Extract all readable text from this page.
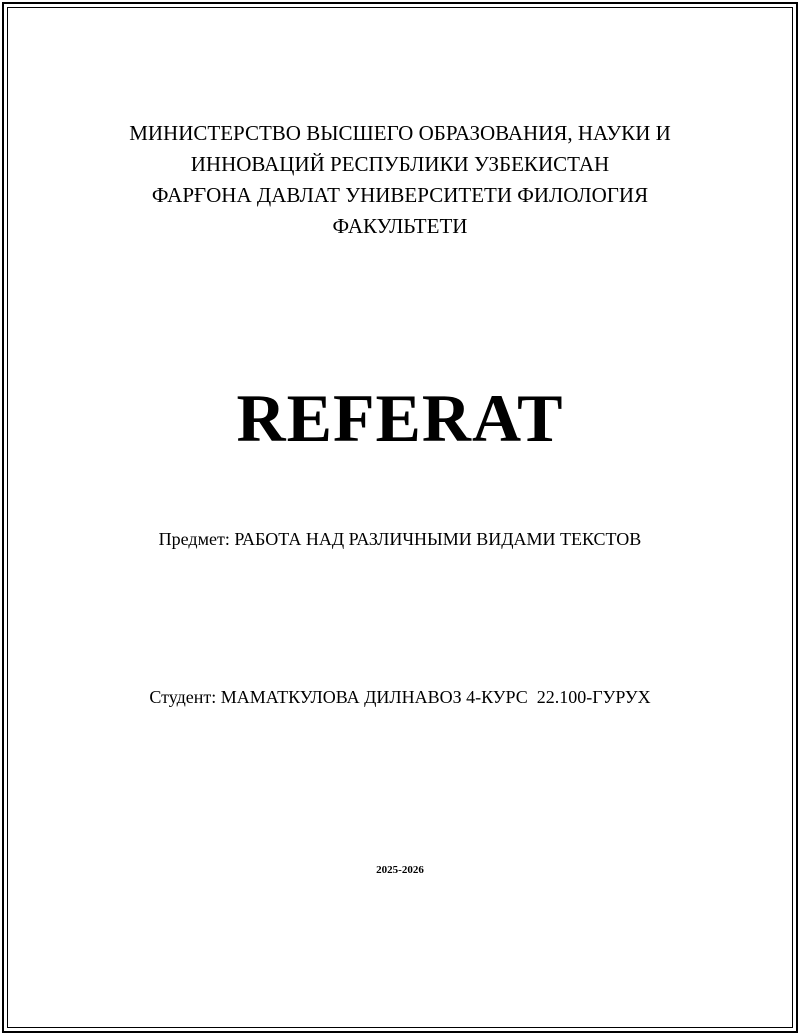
МИНИСТЕРСТВО ВЫСШЕГО ОБРАЗОВАНИЯ, НАУКИ И
ИННОВАЦИЙ РЕСПУБЛИКИ УЗБЕКИСТАН
ФАРҒОНА ДАВЛАТ УНИВЕРСИТЕТИ ФИЛОЛОГИЯ
ФАКУЛЬТЕТИ
REFERAT
Предмет: РАБОТА НАД РАЗЛИЧНЫМИ ВИДАМИ ТЕКСТОВ
Студент: МАМАТКУЛОВА ДИЛНАВОЗ 4-КУРС  22.100-ГУРУХ
2025-2026
